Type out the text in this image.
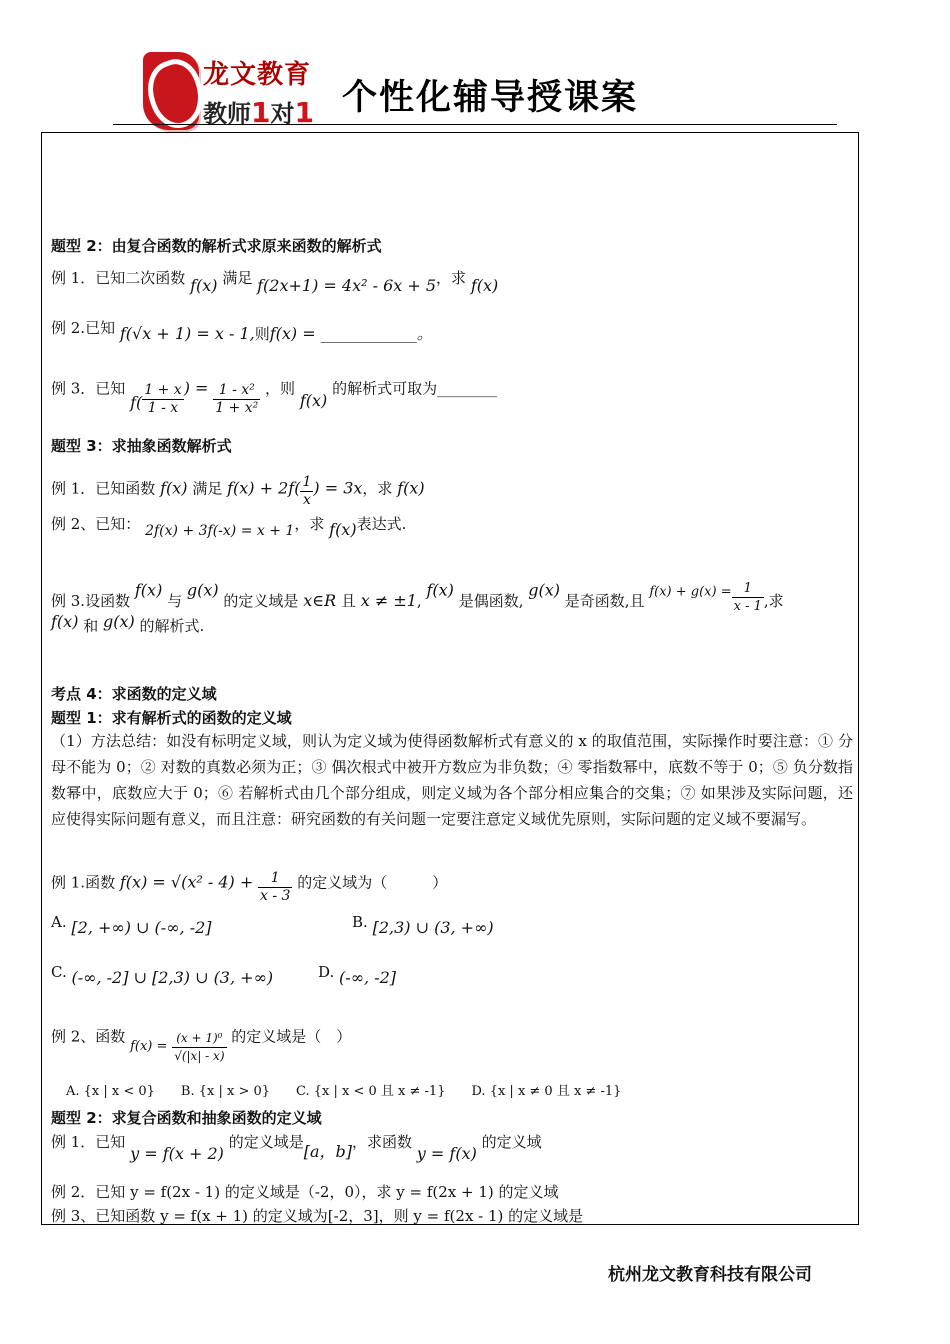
龙文教育
教师1对1 个性化辅导授课案
题型 2：由复合函数的解析式求原来函数的解析式
例 1．已知二次函数 f(x) 满足 f(2x+1) = 4x² - 6x + 5，求 f(x)
例 2.已知 f(√x + 1) = x - 1,则f(x) = ____________。
例 3．已知 $f( \frac{1 + x}{1 - x}$ ) = $\frac{\text{1 - x²}}{\text{1 + x²}}$ ，则 f(x) 的解析式可取为________
题型 3：求抽象函数解析式
例 1．已知函数 f(x) 满足 $f(x) + 2f( \frac{1}{x}$ ) = 3x，求 f(x)
例 2、已知： 2f(x) + 3f(-x) = x + 1，求 f(x)表达式.
例 3.设函数 f(x) 与 g(x) 的定义域是 x∈R 且 x ≠ ±1, f(x) 是偶函数, g(x) 是奇函数,且 $f(x) + g(x) = \frac{1}{x - 1}$ ,求
f(x) 和 g(x) 的解析式.
考点 4：求函数的定义域
题型 1：求有解析式的函数的定义域
（1）方法总结：如没有标明定义域，则认为定义域为使得函数解析式有意义的 x 的取值范围，实际操作时要注意：① 分母不能为 0；② 对数的真数必须为正；③ 偶次根式中被开方数应为非负数；④ 零指数幂中，底数不等于 0；⑤ 负分数指数幂中，底数应大于 0；⑥ 若解析式由几个部分组成，则定义域为各个部分相应集合的交集；⑦ 如果涉及实际问题，还应使得实际问题有意义，而且注意：研究函数的有关问题一定要注意定义域优先原则，实际问题的定义域不要漏写。
例 1.函数 $f(x) = √(x^2 - 4) + \frac{1}{x - 3}$ 的定义域为（　　　）
A. [2, +∞) ∪ (-∞, -2]	B. [2,3) ∪ (3, +∞)
C. (-∞, -2] ∪ [2,3) ∪ (3, +∞)	D. (-∞, -2]
例 2、函数 $f(x) = \frac{\text{(x + 1)⁰}}{√(|x| - x)}$ 的定义域是（　）
A. {x | x < 0}　　B. {x | x > 0}　　C. {x | x < 0 且 x ≠ -1}　　D. {x | x ≠ 0 且 x ≠ -1}
题型 2：求复合函数和抽象函数的定义域
例 1．已知 y = f(x + 2) 的定义域是[a，b]，求函数 y = f(x) 的定义域
例 2．已知 y = f(2x - 1) 的定义域是（-2，0），求 y = f(2x + 1) 的定义域
例 3、已知函数 y = f(x + 1) 的定义域为[-2，3]，则 y = f(2x - 1) 的定义域是________
杭州龙文教育科技有限公司
